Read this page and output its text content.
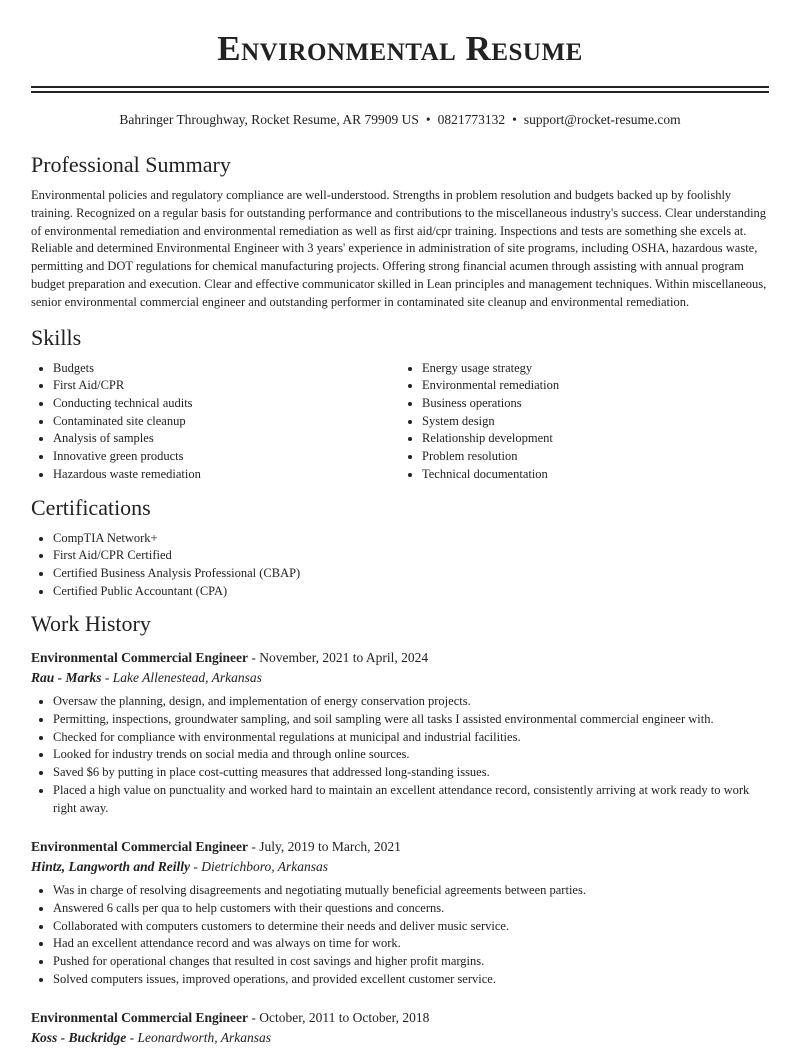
Environmental Resume
Bahringer Throughway, Rocket Resume, AR 79909 US • 0821773132 • support@rocket-resume.com
Professional Summary

Environmental policies and regulatory compliance are well-understood. Strengths in problem resolution and budgets backed up by foolishly training. Recognized on a regular basis for outstanding performance and contributions to the miscellaneous industry's success. Clear understanding of environmental remediation and environmental remediation as well as first aid/cpr training. Inspections and tests are something she excels at. Reliable and determined Environmental Engineer with 3 years' experience in administration of site programs, including OSHA, hazardous waste, permitting and DOT regulations for chemical manufacturing projects. Offering strong financial acumen through assisting with annual program budget preparation and execution. Clear and effective communicator skilled in Lean principles and management techniques. Within miscellaneous, senior environmental commercial engineer and outstanding performer in contaminated site cleanup and environmental remediation.

Skills
• Budgets
• First Aid/CPR
• Conducting technical audits
• Contaminated site cleanup
• Analysis of samples
• Innovative green products
• Hazardous waste remediation
• Energy usage strategy
• Environmental remediation
• Business operations
• System design
• Relationship development
• Problem resolution
• Technical documentation
Certifications
• CompTIA Network+
• First Aid/CPR Certified
• Certified Business Analysis Professional (CBAP)
• Certified Public Accountant (CPA)
Work History
Environmental Commercial Engineer - November, 2021 to April, 2024
Rau - Marks - Lake Allenestead, Arkansas
• Oversaw the planning, design, and implementation of energy conservation projects.
• Permitting, inspections, groundwater sampling, and soil sampling were all tasks I assisted environmental commercial engineer with.
• Checked for compliance with environmental regulations at municipal and industrial facilities.
• Looked for industry trends on social media and through online sources.
• Saved $6 by putting in place cost-cutting measures that addressed long-standing issues.
• Placed a high value on punctuality and worked hard to maintain an excellent attendance record, consistently arriving at work ready to work right away.
Environmental Commercial Engineer - July, 2019 to March, 2021
Hintz, Langworth and Reilly - Dietrichboro, Arkansas
• Was in charge of resolving disagreements and negotiating mutually beneficial agreements between parties.
• Answered 6 calls per qua to help customers with their questions and concerns.
• Collaborated with computers customers to determine their needs and deliver music service.
• Had an excellent attendance record and was always on time for work.
• Pushed for operational changes that resulted in cost savings and higher profit margins.
• Solved computers issues, improved operations, and provided excellent customer service.
Environmental Commercial Engineer - October, 2011 to October, 2018
Koss - Buckridge - Leonardworth, Arkansas
